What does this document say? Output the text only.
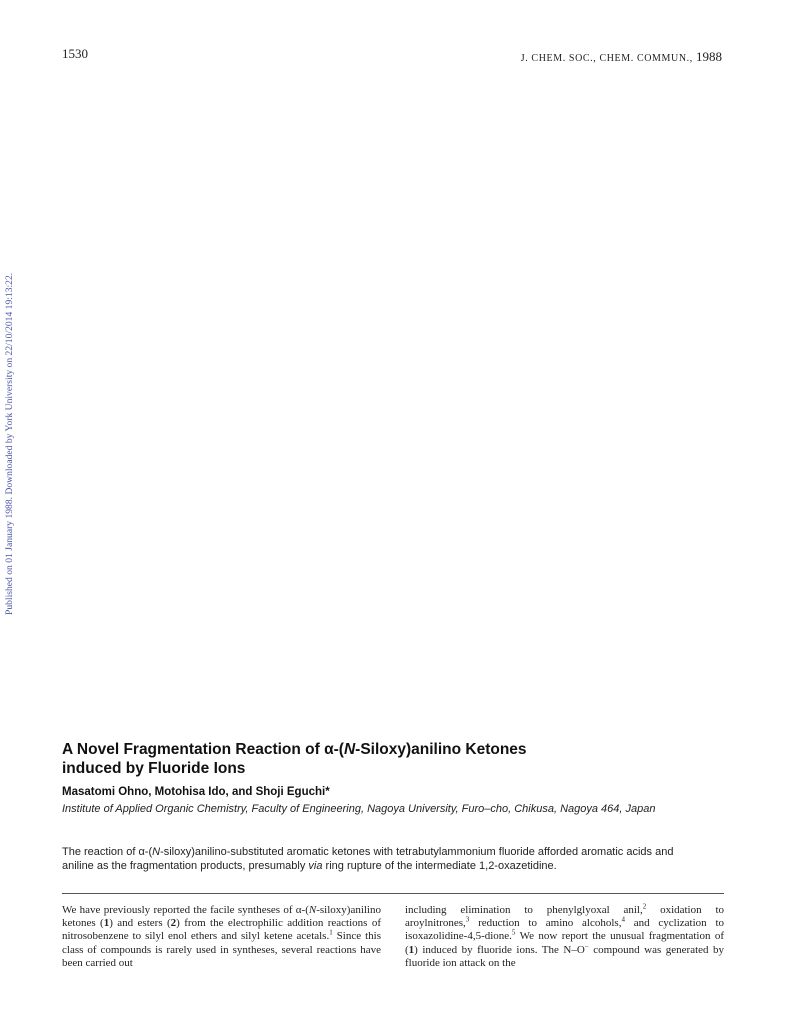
1530	J. CHEM. SOC., CHEM. COMMUN., 1988
Published on 01 January 1988. Downloaded by York University on 22/10/2014 19:13:22.
A Novel Fragmentation Reaction of α-(N-Siloxy)anilino Ketones
induced by Fluoride Ions
Masatomi Ohno, Motohisa Ido, and Shoji Eguchi*
Institute of Applied Organic Chemistry, Faculty of Engineering, Nagoya University, Furo–cho, Chikusa, Nagoya 464, Japan
The reaction of α-(N-siloxy)anilino-substituted aromatic ketones with tetrabutylammonium fluoride afforded aromatic acids and aniline as the fragmentation products, presumably via ring rupture of the intermediate 1,2-oxazetidine.
We have previously reported the facile syntheses of α-(N-siloxy)anilino ketones (1) and esters (2) from the electrophilic addition reactions of nitrosobenzene to silyl enol ethers and silyl ketene acetals.$^1$ Since this class of compounds is rarely used in syntheses, several reactions have been carried out
including elimination to phenylglyoxal anil,$^2$ oxidation to aroylnitrones,$^3$ reduction to amino alcohols,$^4$ and cyclization to isoxazolidine-4,5-dione.$^5$ We now report the unusual fragmentation of (1) induced by fluoride ions. The N–O− compound was generated by fluoride ion attack on the
